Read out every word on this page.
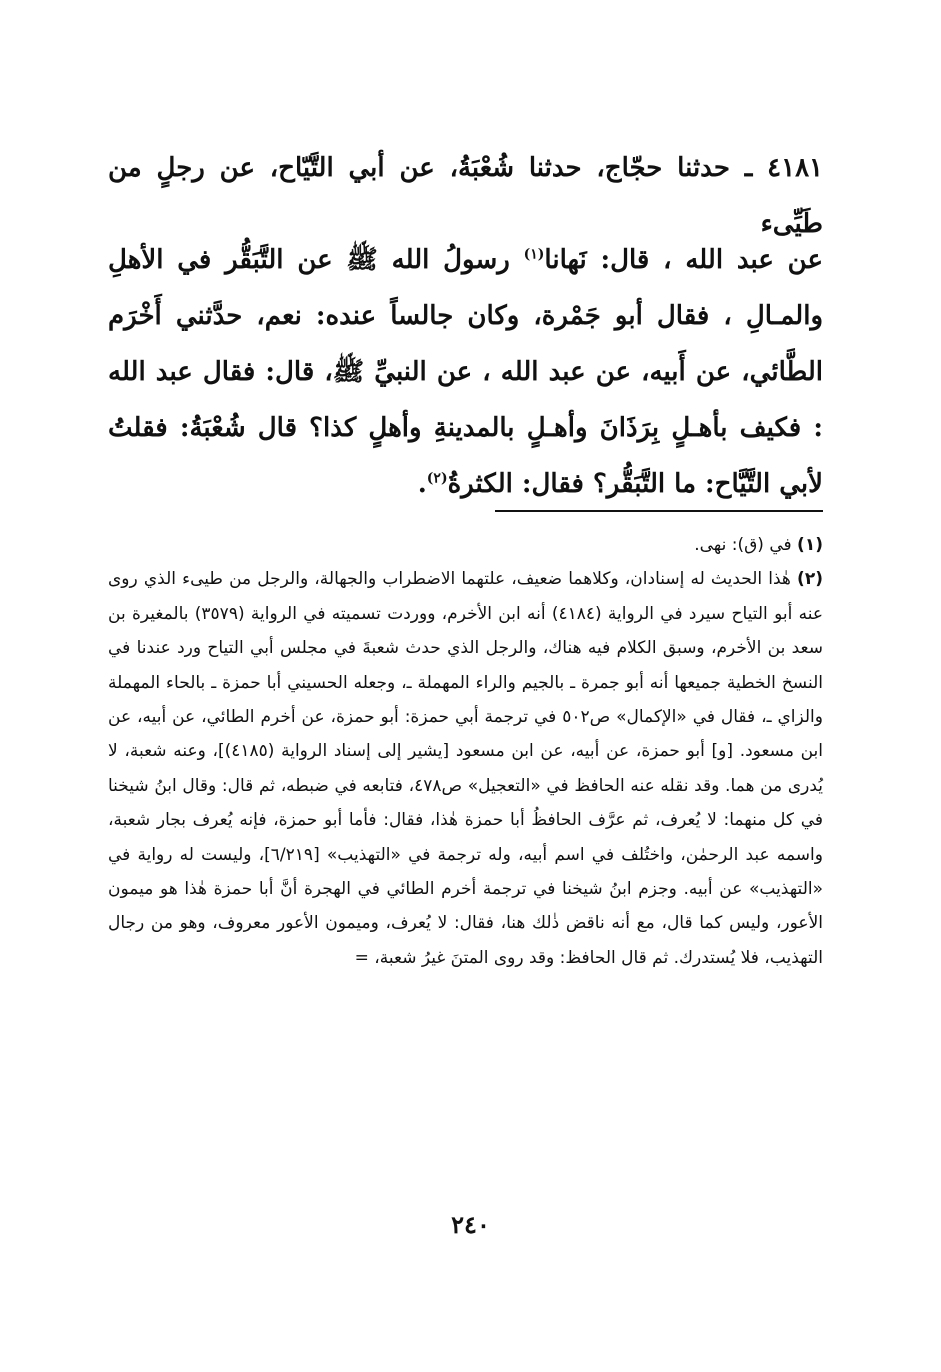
٤١٨١ ـ حدثنا حجّاج، حدثنا شُعْبَةُ، عن أبي التَّيّاح، عن رجلٍ من طَيِّىء

عن عبد الله ، قال: نَهانا$^{(١)}$ رسولُ الله ﷺ عن التَّبَقُّر في الأهلِ والمـالِ ، فقال أبو جَمْرة، وكان جالساً عنده: نعم، حدَّثني أَخْرَم الطَّائي، عن أَبيه، عن عبد الله ، عن النبيِّ ﷺ، قال: فقال عبد الله : فكيف بأهـلٍ بِرَذَانَ وأهـلٍ بالمدينةِ وأهلٍ كذا؟ قال شُعْبَةُ: فقلتُ لأبي التَّيَّاح: ما التَّبَقُّر؟ فقال: الكثرةُ$^{(٢)}$.

(١) في (ق): نهى.

(٢) هٰذا الحديث له إسنادان، وكلاهما ضعيف، علتهما الاضطراب والجهالة، والرجل من طيىء الذي روى عنه أبو التياح سيرد في الرواية (٤١٨٤) أنه ابن الأخرم، ووردت تسميته في الرواية (٣٥٧٩) بالمغيرة بن سعد بن الأخرم، وسبق الكلام فيه هناك، والرجل الذي حدث شعبةَ في مجلس أبي التياح ورد عندنا في النسخ الخطية جميعها أنه أبو جمرة ـ بالجيم والراء المهملة ـ، وجعله الحسيني أبا حمزة ـ بالحاء المهملة والزاي ـ، فقال في «الإكمال» ص٥٠٢ في ترجمة أبي حمزة: أبو حمزة، عن أخرم الطائي، عن أبيه، عن ابن مسعود. [و] أبو حمزة، عن أبيه، عن ابن مسعود [يشير إلى إسناد الرواية (٤١٨٥)]، وعنه شعبة، لا يُدرى من هما. وقد نقله عنه الحافظ في «التعجيل» ص٤٧٨، فتابعه في ضبطه، ثم قال: وقال ابنُ شيخنا في كل منهما: لا يُعرف، ثم عرَّف الحافظُ أبا حمزة هٰذا، فقال: فأما أبو حمزة، فإنه يُعرف بجار شعبة، واسمه عبد الرحمٰن، واختُلف في اسم أبيه، وله ترجمة في «التهذيب» [٦/٢١٩]، وليست له رواية في «التهذيب» عن أبيه. وجزم ابنُ شيخنا في ترجمة أخرم الطائي في الهجرة أنَّ أبا حمزة هٰذا هو ميمون الأعور، وليس كما قال، مع أنه ناقض ذٰلك هنا، فقال: لا يُعرف، وميمون الأعور معروف، وهو من رجال التهذيب، فلا يُستدرك. ثم قال الحافظ: وقد روى المتنَ غيرُ شعبة، =

٢٤٠
